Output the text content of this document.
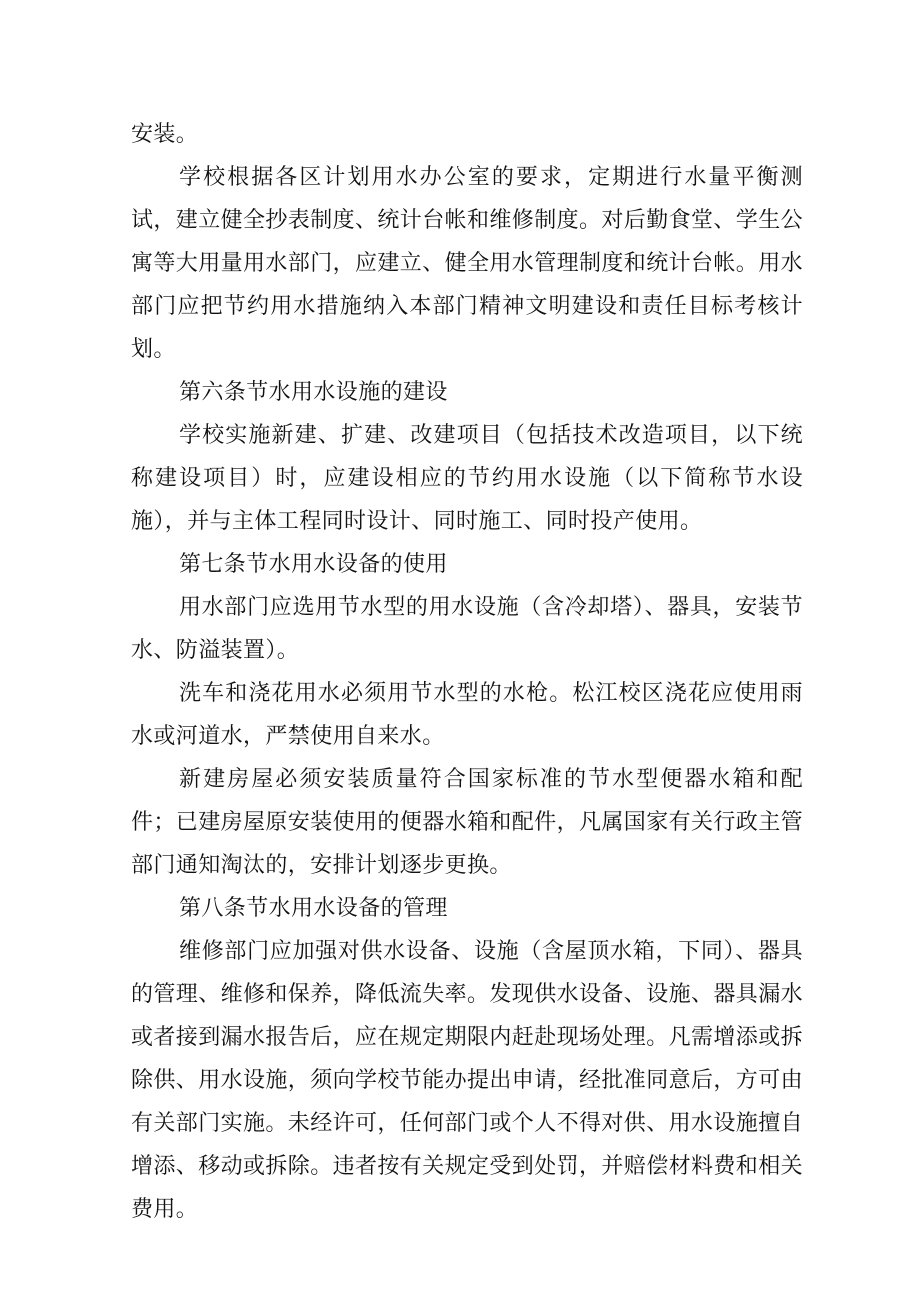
安装。

学校根据各区计划用水办公室的要求，定期进行水量平衡测试，建立健全抄表制度、统计台帐和维修制度。对后勤食堂、学生公寓等大用量用水部门，应建立、健全用水管理制度和统计台帐。用水部门应把节约用水措施纳入本部门精神文明建设和责任目标考核计划。

第六条节水用水设施的建设

学校实施新建、扩建、改建项目（包括技术改造项目，以下统称建设项目）时，应建设相应的节约用水设施（以下简称节水设施），并与主体工程同时设计、同时施工、同时投产使用。

第七条节水用水设备的使用

用水部门应选用节水型的用水设施（含冷却塔）、器具，安装节水、防溢装置）。

洗车和浇花用水必须用节水型的水枪。松江校区浇花应使用雨水或河道水，严禁使用自来水。

新建房屋必须安装质量符合国家标准的节水型便器水箱和配件；已建房屋原安装使用的便器水箱和配件，凡属国家有关行政主管部门通知淘汰的，安排计划逐步更换。

第八条节水用水设备的管理

维修部门应加强对供水设备、设施（含屋顶水箱，下同）、器具的管理、维修和保养，降低流失率。发现供水设备、设施、器具漏水或者接到漏水报告后，应在规定期限内赶赴现场处理。凡需增添或拆除供、用水设施，须向学校节能办提出申请，经批准同意后，方可由有关部门实施。未经许可，任何部门或个人不得对供、用水设施擅自增添、移动或拆除。违者按有关规定受到处罚，并赔偿材料费和相关费用。
